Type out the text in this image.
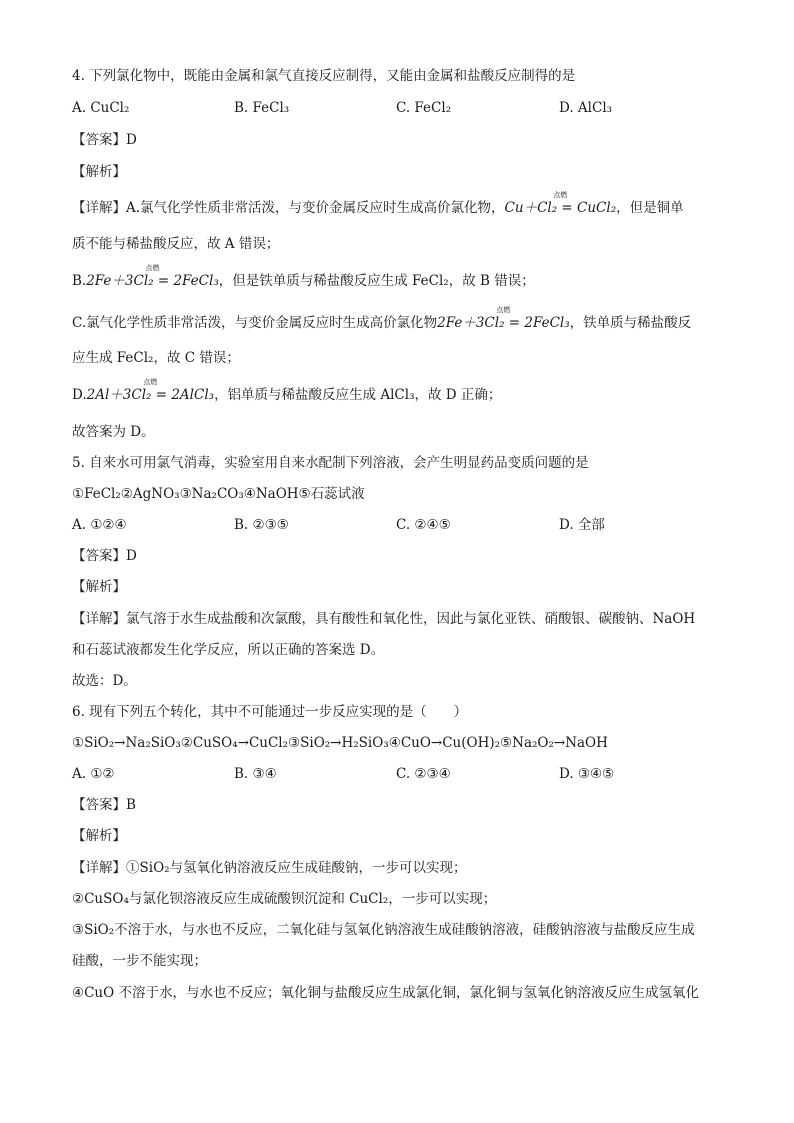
4. 下列氯化物中，既能由金属和氯气直接反应制得，又能由金属和盐酸反应制得的是
A. CuCl₂	B. FeCl₃	C. FeCl₂	D. AlCl₃
【答案】D
【解析】
【详解】A.氯气化学性质非常活泼，与变价金属反应时生成高价氯化物，
点燃
Cu＋Cl₂ = CuCl₂，但是铜单
质不能与稀盐酸反应，故 A 错误；
B.
点燃
2Fe＋3Cl₂ = 2FeCl₃，但是铁单质与稀盐酸反应生成 FeCl₂，故 B 错误；
C.氯气化学性质非常活泼，与变价金属反应时生成高价氯化物
点燃
2Fe＋3Cl₂ = 2FeCl₃，铁单质与稀盐酸反
应生成 FeCl₂，故 C 错误；
D.
点燃
2Al＋3Cl₂ = 2AlCl₃，铝单质与稀盐酸反应生成 AlCl₃，故 D 正确；
故答案为 D。
5. 自来水可用氯气消毒，实验室用自来水配制下列溶液，会产生明显药品变质问题的是
①FeCl₂②AgNO₃③Na₂CO₃④NaOH⑤石蕊试液
A. ①②④	B. ②③⑤	C. ②④⑤	D. 全部
【答案】D
【解析】
【详解】氯气溶于水生成盐酸和次氯酸，具有酸性和氧化性，因此与氯化亚铁、硝酸银、碳酸钠、NaOH
和石蕊试液都发生化学反应，所以正确的答案选 D。
故选：D。
6. 现有下列五个转化，其中不可能通过一步反应实现的是（　　）
①SiO₂→Na₂SiO₃②CuSO₄→CuCl₂③SiO₂→H₂SiO₃④CuO→Cu(OH)₂⑤Na₂O₂→NaOH
A. ①②	B. ③④	C. ②③④	D. ③④⑤
【答案】B
【解析】
【详解】①SiO₂与氢氧化钠溶液反应生成硅酸钠，一步可以实现；
②CuSO₄与氯化钡溶液反应生成硫酸钡沉淀和 CuCl₂，一步可以实现；
③SiO₂不溶于水，与水也不反应，二氧化硅与氢氧化钠溶液生成硅酸钠溶液，硅酸钠溶液与盐酸反应生成
硅酸，一步不能实现；
④CuO 不溶于水，与水也不反应；氧化铜与盐酸反应生成氯化铜，氯化铜与氢氧化钠溶液反应生成氢氧化
